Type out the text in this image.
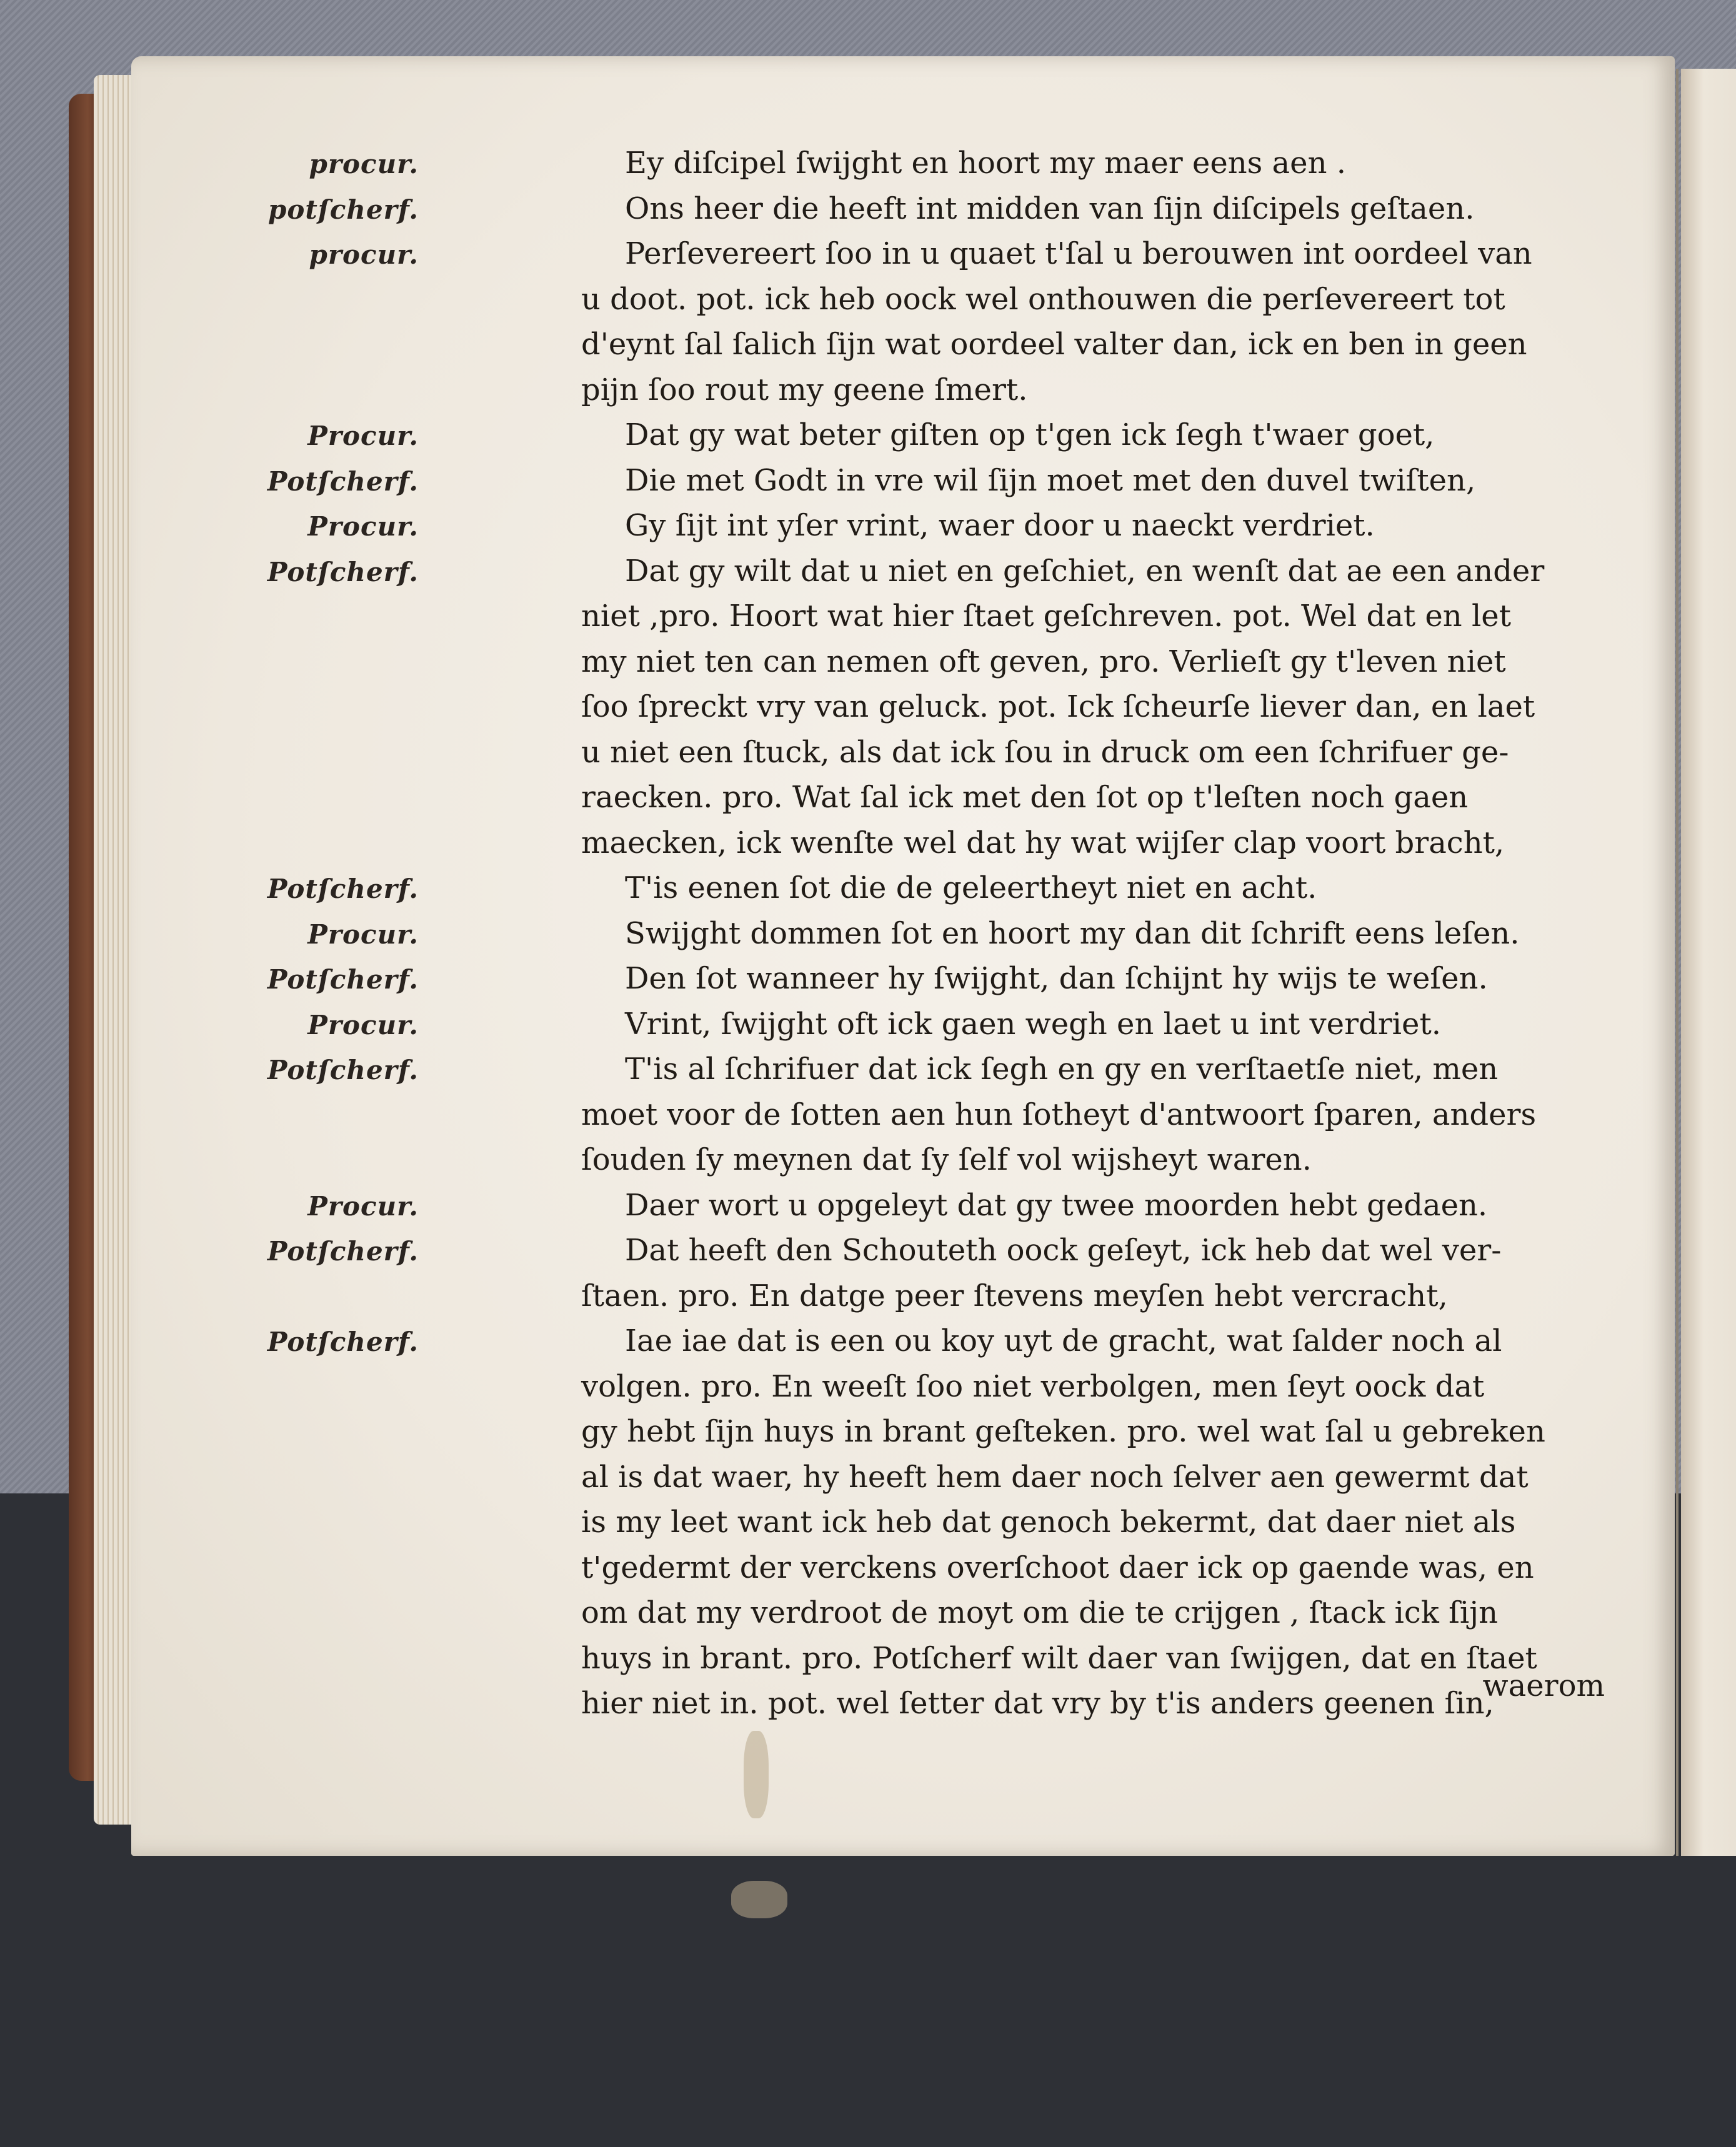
procur.	Ey diſcipel ſwijght en hoort my maer eens aen .
potſcherf.	Ons heer die heeft int midden van ſijn diſcipels geſtaen.
procur.	Perſevereert ſoo in u quaet t'ſal u berouwen int oordeel van
u doot. pot. ick heb oock wel onthouwen die perſevereert tot
d'eynt ſal ſalich ſijn wat oordeel valter dan, ick en ben in geen
pijn ſoo rout my geene ſmert.
Procur.	Dat gy wat beter giſten op t'gen ick ſegh t'waer goet,
Potſcherf.	Die met Godt in vre wil ſijn moet met den duvel twiſten,
Procur.	Gy ſijt int yſer vrint, waer door u naeckt verdriet.
Potſcherf.	Dat gy wilt dat u niet en geſchiet, en wenſt dat ae een ander
niet ,pro. Hoort wat hier ſtaet geſchreven. pot. Wel dat en let
my niet ten can nemen oft geven, pro. Verlieſt gy t'leven niet
ſoo ſpreckt vry van geluck. pot. Ick ſcheurſe liever dan, en laet
u niet een ſtuck, als dat ick ſou in druck om een ſchrifuer ge-
raecken. pro. Wat ſal ick met den ſot op t'leſten noch gaen
maecken, ick wenſte wel dat hy wat wijſer clap voort bracht,
Potſcherf.	T'is eenen ſot die de geleertheyt niet en acht.
Procur.	Swijght dommen ſot en hoort my dan dit ſchrift eens leſen.
Potſcherf.	Den ſot wanneer hy ſwijght, dan ſchijnt hy wijs te weſen.
Procur.	Vrint, ſwijght oft ick gaen wegh en laet u int verdriet.
Potſcherf.	T'is al ſchrifuer dat ick ſegh en gy en verſtaetſe niet, men
moet voor de ſotten aen hun ſotheyt d'antwoort ſparen, anders
ſouden ſy meynen dat ſy ſelf vol wijsheyt waren.
Procur.	Daer wort u opgeleyt dat gy twee moorden hebt gedaen.
Potſcherf.	Dat heeft den Schouteth oock geſeyt, ick heb dat wel ver-
ſtaen. pro. En datge peer ſtevens meyſen hebt vercracht,
Potſcherf.	Iae iae dat is een ou koy uyt de gracht, wat ſalder noch al
volgen. pro. En weeſt ſoo niet verbolgen, men ſeyt oock dat
gy hebt ſijn huys in brant geſteken. pro. wel wat ſal u gebreken
al is dat waer, hy heeft hem daer noch ſelver aen gewermt dat
is my leet want ick heb dat genoch bekermt, dat daer niet als
t'gedermt der verckens overſchoot daer ick op gaende was, en
om dat my verdroot de moyt om die te crijgen , ſtack ick ſijn
huys in brant. pro. Potſcherf wilt daer van ſwijgen, dat en ſtaet
hier niet in. pot. wel ſetter dat vry by t'is anders geenen ſin,
waerom
